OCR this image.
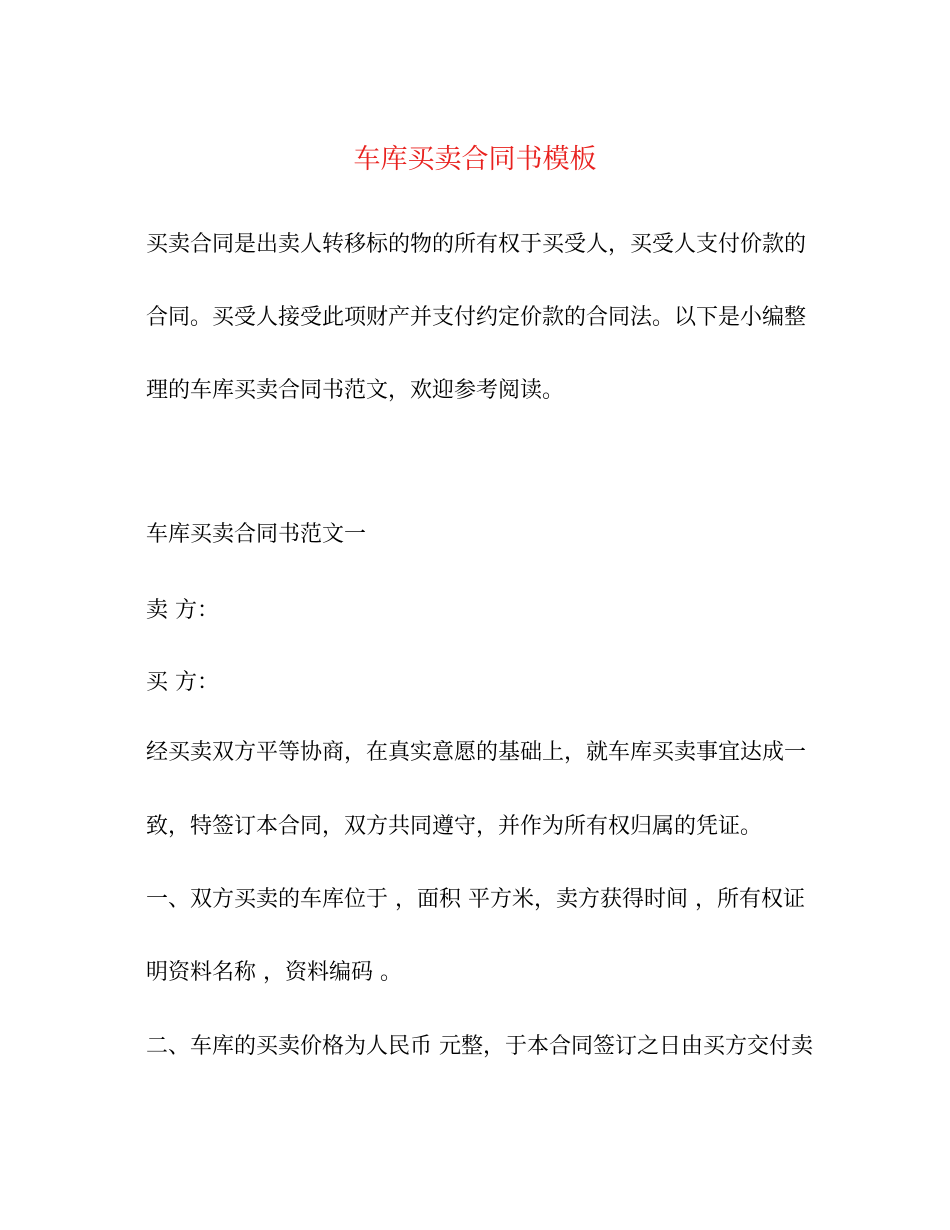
车库买卖合同书模板
买卖合同是出卖人转移标的物的所有权于买受人，买受人支付价款的
合同。买受人接受此项财产并支付约定价款的合同法。以下是小编整
理的车库买卖合同书范文，欢迎参考阅读。
车库买卖合同书范文一
卖 方：
买 方：
经买卖双方平等协商，在真实意愿的基础上，就车库买卖事宜达成一
致，特签订本合同，双方共同遵守，并作为所有权归属的凭证。
一、双方买卖的车库位于 ，面积 平方米，卖方获得时间 ，所有权证
明资料名称 ，资料编码 。
二、车库的买卖价格为人民币 元整，于本合同签订之日由买方交付卖
